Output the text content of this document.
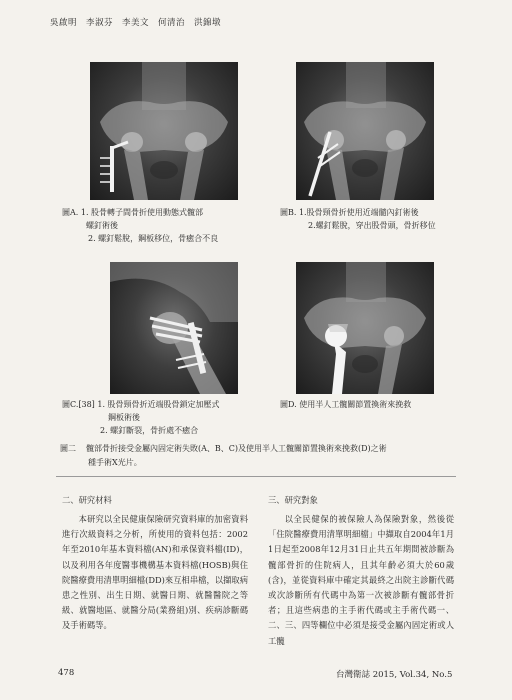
吳啟明　李淑芬　李美文　何清治　洪錦墩
圖A. 1. 股骨轉子間骨折使用動態式髖部
螺釘術後
2. 螺釘鬆脫，鋼板移位，骨癒合不良
圖B. 1.股骨頸骨折使用近端髓內釘術後
2.螺釘鬆脫，穿出股骨頭，骨折移位
圖C.[38] 1. 股骨頸骨折近端股骨鎖定加壓式
鋼板術後
2. 螺釘斷裂，骨折處不癒合
圖D. 使用半人工髖關節置換術來挽救
圖二 髖部骨折接受金屬內固定術失敗(A、B、C)及使用半人工髖關節置換術來挽救(D)之術
種手術X光片。
二、研究材料

本研究以全民健康保險研究資料庫的加密資料進行次級資料之分析，所使用的資料包括：2002年至2010年基本資料檔(AN)和承保資料檔(ID)，以及利用各年度醫事機構基本資料檔(HOSB)與住院醫療費用清單明細檔(DD)來互相串檔，以擷取病患之性別、出生日期、就醫日期、就醫醫院之等級、就醫地區、就醫分局(業務組)別、疾病診斷碼及手術碼等。

三、研究對象

以全民健保的被保險人為保險對象，然後從「住院醫療費用清單明細檔」中擷取自2004年1月1日起至2008年12月31日止共五年期間被診斷為髖部骨折的住院病人，且其年齡必須大於60歲(含)，並從資料庫中確定其最終之出院主診斷代碼或次診斷所有代碼中為第一次被診斷有髖部骨折者；且這些病患的主手術代碼或主手術代碼一、二、三、四等欄位中必須是接受金屬內固定術或人工髖

478	台灣衛誌 2015, Vol.34, No.5
